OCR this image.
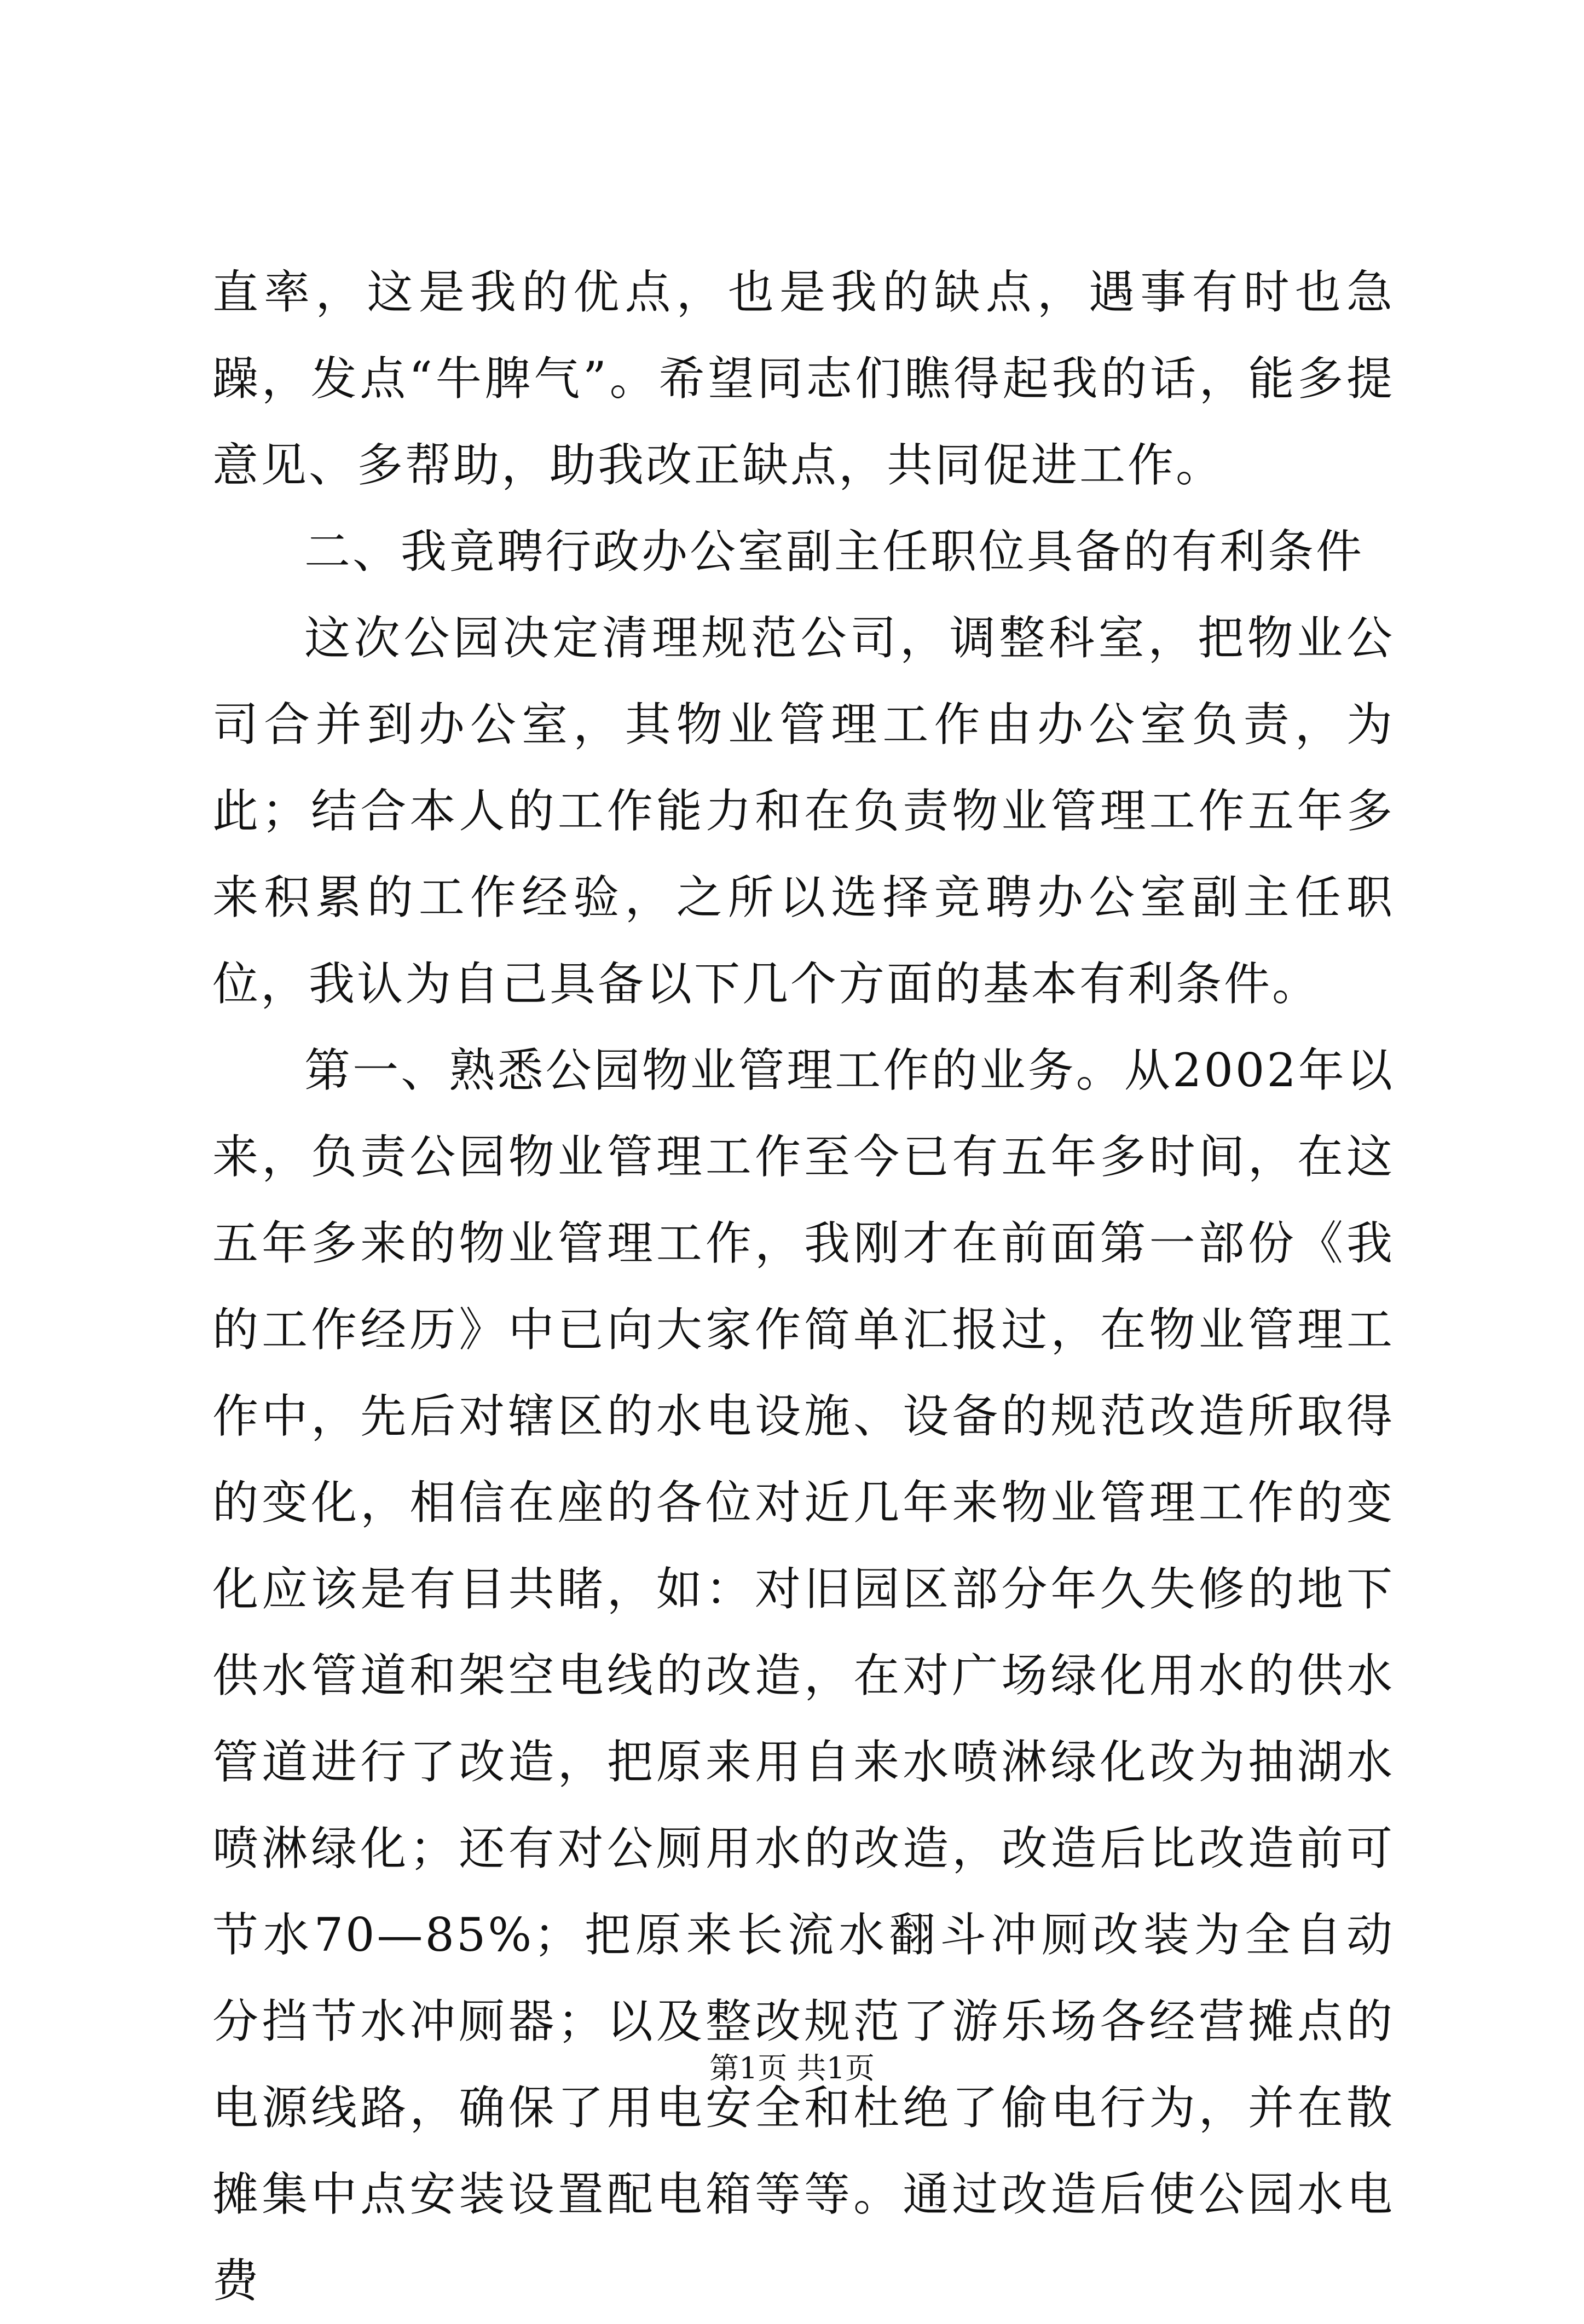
直率，这是我的优点，也是我的缺点，遇事有时也急躁，发点“牛脾气”。希望同志们瞧得起我的话，能多提意见、多帮助，助我改正缺点，共同促进工作。

二、我竟聘行政办公室副主任职位具备的有利条件

这次公园决定清理规范公司，调整科室，把物业公司合并到办公室，其物业管理工作由办公室负责，为此；结合本人的工作能力和在负责物业管理工作五年多来积累的工作经验，之所以选择竞聘办公室副主任职位，我认为自己具备以下几个方面的基本有利条件。

第一、熟悉公园物业管理工作的业务。从2002年以来，负责公园物业管理工作至今已有五年多时间，在这五年多来的物业管理工作，我刚才在前面第一部份《我的工作经历》中已向大家作简单汇报过，在物业管理工作中，先后对辖区的水电设施、设备的规范改造所取得的变化，相信在座的各位对近几年来物业管理工作的变化应该是有目共睹，如：对旧园区部分年久失修的地下供水管道和架空电线的改造，在对广场绿化用水的供水管道进行了改造，把原来用自来水喷淋绿化改为抽湖水喷淋绿化；还有对公厕用水的改造，改造后比改造前可节水70—85%；把原来长流水翻斗冲厕改装为全自动分挡节水冲厕器；以及整改规范了游乐场各经营摊点的电源线路，确保了用电安全和杜绝了偷电行为，并在散摊集中点安装设置配电箱等等。通过改造后使公园水电费

第1页 共1页
